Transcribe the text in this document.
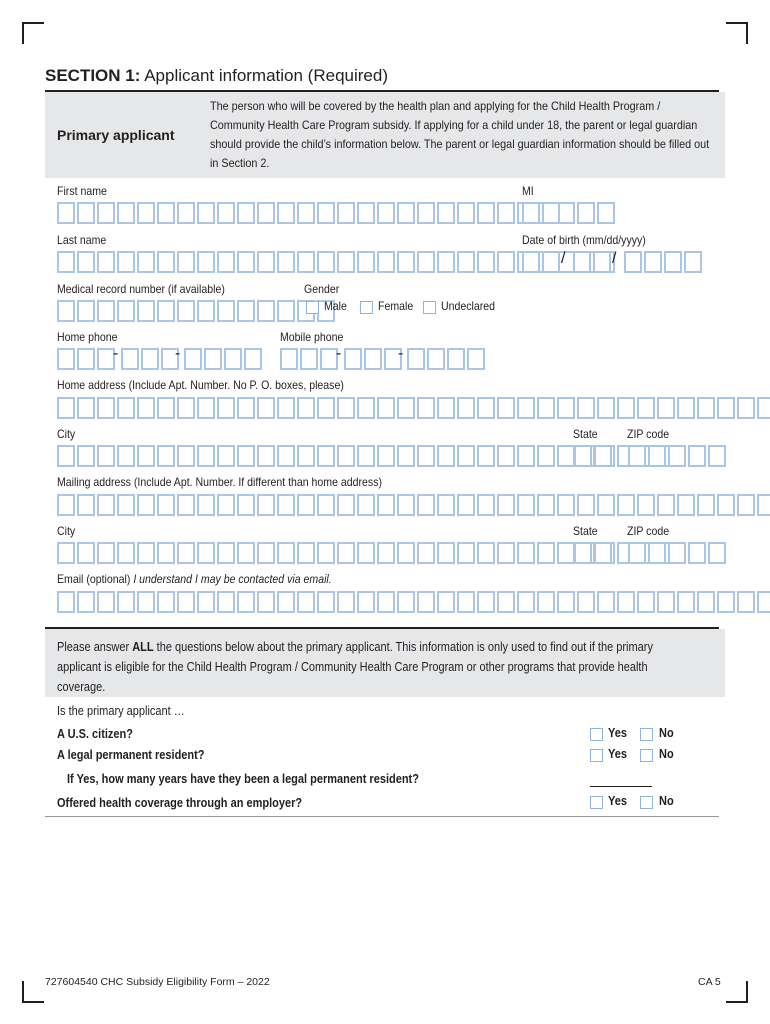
SECTION 1: Applicant information (Required)
Primary applicant
The person who will be covered by the health plan and applying for the Child Health Program / Community Health Care Program subsidy. If applying for a child under 18, the parent or legal guardian should provide the child’s information below. The parent or legal guardian information should be filled out in Section 2.
First name	MI
Last name	Date of birth (mm/dd/yyyy)
/	/
Medical record number (if available)	Gender
Male	Female Undeclared
Home phone	Mobile phone
-	-	-	-
Home address (Include Apt. Number. No P. O. boxes, please)
City	State ZIP code
Mailing address (Include Apt. Number. If different than home address)
City	State ZIP code
Email (optional) I understand I may be contacted via email.
Please answer ALL the questions below about the primary applicant. This information is only used to find out if the primary applicant is eligible for the Child Health Program / Community Health Care Program or other programs that provide health coverage.
Is the primary applicant …
A U.S. citizen?	Yes	No
A legal permanent resident?	Yes	No
If Yes, how many years have they been a legal permanent resident?
Offered health coverage through an employer?	Yes	No
727604540 CHC Subsidy Eligibility Form – 2022	CA 5
